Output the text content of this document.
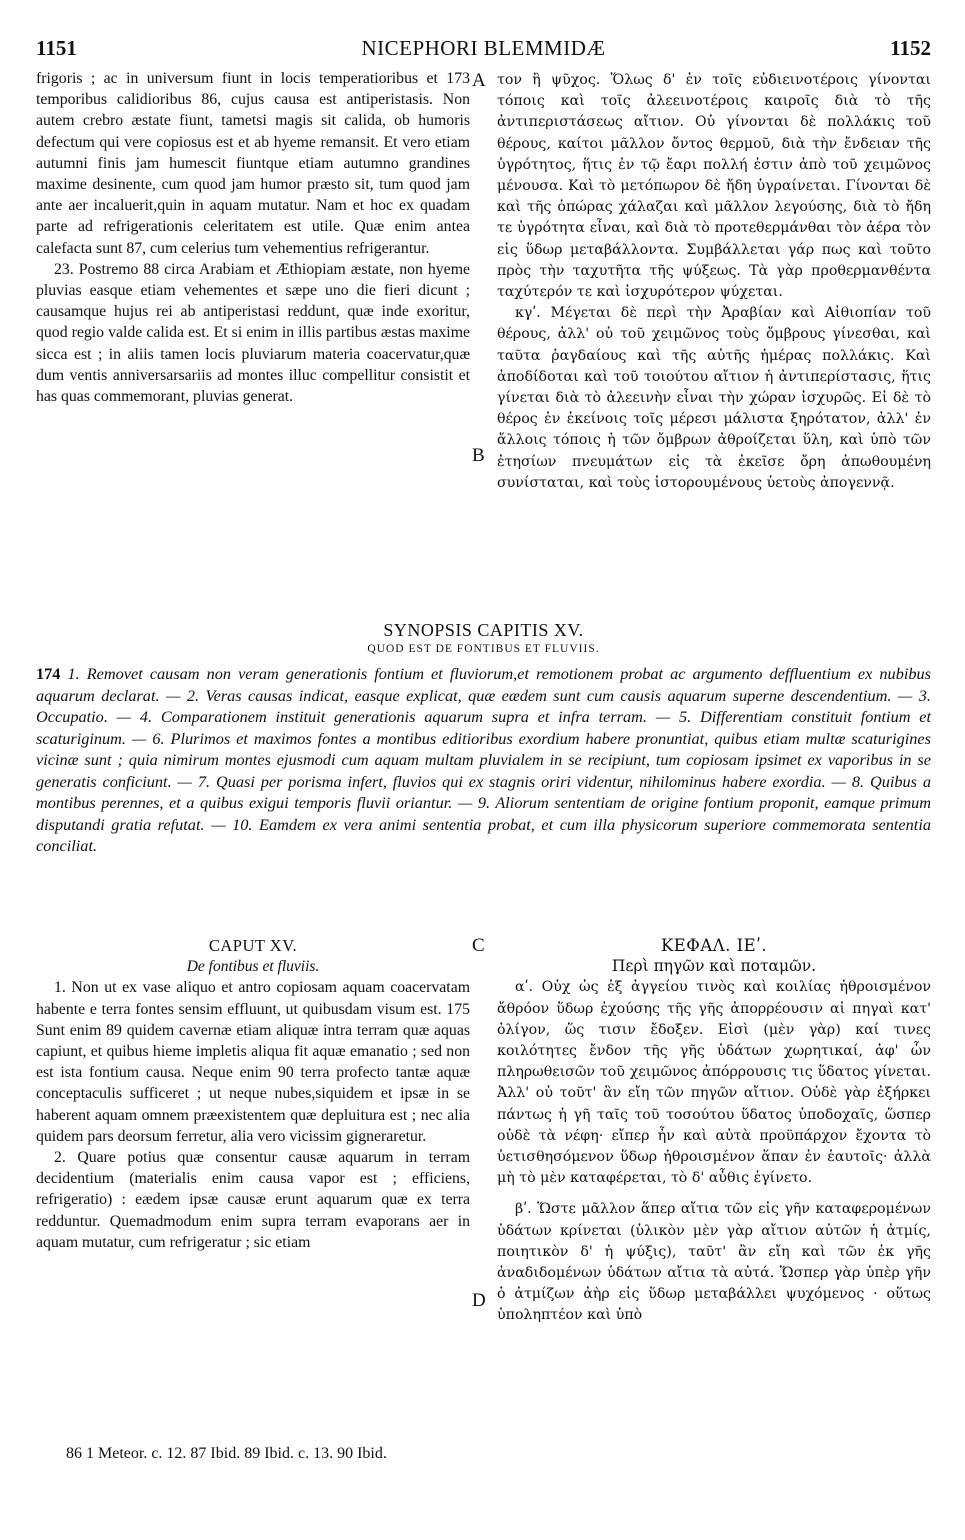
1151	NICEPHORI BLEMMIDÆ	1152

frigoris ; ac in universum fiunt in locis temperatioribus et 173 temporibus calidioribus 86, cujus causa est antiperistasis. Non autem crebro æstate fiunt, tametsi magis sit calida, ob humoris defectum qui vere copiosus est et ab hyeme remansit. Et vero etiam autumni finis jam humescit fiuntque etiam autumno grandines maxime desinente, cum quod jam humor præsto sit, tum quod jam ante aer incaluerit,quin in aquam mutatur. Nam et hoc ex quadam parte ad refrigerationis celeritatem est utile. Quæ enim antea calefacta sunt 87, cum celerius tum vehementius refrigerantur.

23. Postremo 88 circa Arabiam et Æthiopiam æstate, non hyeme pluvias easque etiam vehementes et sæpe uno die fieri dicunt ; causamque hujus rei ab antiperistasi reddunt, quæ inde exoritur, quod regio valde calida est. Et si enim in illis partibus æstas maxime sicca est ; in aliis tamen locis pluviarum materia coacervatur,quæ dum ventis anniversarsariis ad montes illuc compellitur consistit et has quas commemorant, pluvias generat.

τον ἢ ψῦχος. Ὅλως δ' ἐν τοῖς εὐδιεινοτέροις γίνονται τόποις καὶ τοῖς ἀλεεινοτέροις καιροῖς διὰ τὸ τῆς ἀντιπεριστάσεως αἴτιον. Οὐ γίνονται δὲ πολλάκις τοῦ θέρους, καίτοι μᾶλλον ὄντος θερμοῦ, διὰ τὴν ἔνδειαν τῆς ὑγρότητος, ἥτις ἐν τῷ ἔαρι πολλή ἐστιν ἀπὸ τοῦ χειμῶνος μένουσα. Καὶ τὸ μετόπωρον δὲ ἤδη ὑγραίνεται. Γίνονται δὲ καὶ τῆς ὀπώρας χάλαζαι καὶ μᾶλλον λεγούσης, διὰ τὸ ἤδη τε ὑγρότητα εἶναι, καὶ διὰ τὸ προτεθερμάνθαι τὸν ἀέρα τὸν εἰς ὕδωρ μεταβάλλοντα. Συμβάλλεται γάρ πως καὶ τοῦτο πρὸς τὴν ταχυτῆτα τῆς ψύξεως. Τὰ γὰρ προθερμανθέντα ταχύτερόν τε καὶ ἰσχυρότερον ψύχεται.

κγʹ. Μέγεται δὲ περὶ τὴν Ἀραβίαν καὶ Αἰθιοπίαν τοῦ θέρους, ἀλλ' οὐ τοῦ χειμῶνος τοὺς ὄμβρους γίνεσθαι, καὶ ταῦτα ῥαγδαίους καὶ τῆς αὐτῆς ἡμέρας πολλάκις. Καὶ ἀποδίδοται καὶ τοῦ τοιούτου αἴτιον ἡ ἀντιπερίστασις, ἥτις γίνεται διὰ τὸ ἀλεεινὴν εἶναι τὴν χώραν ἰσχυρῶς. Εἰ δὲ τὸ θέρος ἐν ἐκείνοις τοῖς μέρεσι μάλιστα ξηρότατον, ἀλλ' ἐν ἄλλοις τόποις ἡ τῶν ὄμβρων ἀθροίζεται ὕλη, καὶ ὑπὸ τῶν ἐτησίων πνευμάτων εἰς τὰ ἐκεῖσε ὄρη ἀπωθουμένη συνίσταται, καὶ τοὺς ἱστορουμένους ὑετοὺς ἀπογεννᾷ.

A
B
C
D
SYNOPSIS CAPITIS XV.
QUOD EST DE FONTIBUS ET FLUVIIS.
174 1. Removet causam non veram generationis fontium et fluviorum,et remotionem probat ac argumento deffluentium ex nubibus aquarum declarat. — 2. Veras causas indicat, easque explicat, quæ eædem sunt cum causis aquarum superne descendentium. — 3. Occupatio. — 4. Comparationem instituit generationis aquarum supra et infra terram. — 5. Differentiam constituit fontium et scaturiginum. — 6. Plurimos et maximos fontes a montibus editioribus exordium habere pronuntiat, quibus etiam multæ scaturigines vicinæ sunt ; quia nimirum montes ejusmodi cum aquam multam pluvialem in se recipiunt, tum copiosam ipsimet ex vaporibus in se generatis conficiunt. — 7. Quasi per porisma infert, fluvios qui ex stagnis oriri videntur, nihilominus habere exordia. — 8. Quibus a montibus perennes, et a quibus exigui temporis fluvii oriantur. — 9. Aliorum sententiam de origine fontium proponit, eamque primum disputandi gratia refutat. — 10. Eamdem ex vera animi sententia probat, et cum illa physicorum superiore commemorata sententia conciliat.
CAPUT XV.
De fontibus et fluviis.

1. Non ut ex vase aliquo et antro copiosam aquam coacervatam habente e terra fontes sensim effluunt, ut quibusdam visum est. 175 Sunt enim 89 quidem cavernæ etiam aliquæ intra terram quæ aquas capiunt, et quibus hieme impletis aliqua fit aquæ emanatio ; sed non est ista fontium causa. Neque enim 90 terra profecto tantæ aquæ conceptaculis sufficeret ; ut neque nubes,siquidem et ipsæ in se haberent aquam omnem præexistentem quæ depluitura est ; nec alia quidem pars deorsum ferretur, alia vero vicissim gigneraretur.

2. Quare potius quæ consentur causæ aquarum in terram decidentium (materialis enim causa vapor est ; efficiens, refrigeratio) : eædem ipsæ causæ erunt aquarum quæ ex terra redduntur. Quemadmodum enim supra terram evaporans aer in aquam mutatur, cum refrigeratur ; sic etiam

ΚΕΦΑΛ. ΙΕʹ.
Περὶ πηγῶν καὶ ποταμῶν.

αʹ. Οὐχ ὡς ἐξ ἀγγείου τινὸς καὶ κοιλίας ἠθροισμένον ἄθρόον ὕδωρ ἐχούσης τῆς γῆς ἀπορρέουσιν αἱ πηγαὶ κατ' ὀλίγον, ὥς τισιν ἔδοξεν. Εἰσὶ (μὲν γὰρ) καί τινες κοιλότητες ἔνδον τῆς γῆς ὑδάτων χωρητικαί, ἀφ' ὧν πληρωθεισῶν τοῦ χειμῶνος ἀπόρρουσις τις ὕδατος γίνεται. Ἀλλ' οὐ τοῦτ' ἂν εἴη τῶν πηγῶν αἴτιον. Οὐδὲ γὰρ ἐξήρκει πάντως ἡ γῆ ταῖς τοῦ τοσούτου ὕδατος ὑποδοχαῖς, ὥσπερ οὐδὲ τὰ νέφη· εἴπερ ἦν καὶ αὐτὰ προϋπάρχον ἔχοντα τὸ ὑετισθησόμενον ὕδωρ ἠθροισμένον ἅπαν ἐν ἑαυτοῖς· ἀλλὰ μὴ τὸ μὲν καταφέρεται, τὸ δ' αὖθις ἐγίνετο.

βʹ. Ὥστε μᾶλλον ἅπερ αἴτια τῶν εἰς γῆν καταφερομένων ὑδάτων κρίνεται (ὑλικὸν μὲν γὰρ αἴτιον αὐτῶν ἡ ἀτμίς, ποιητικὸν δ' ἡ ψύξις), ταῦτ' ἂν εἴη καὶ τῶν ἐκ γῆς ἀναδιδομένων ὑδάτων αἴτια τὰ αὐτά. Ὥσπερ γὰρ ὑπὲρ γῆν ὁ ἀτμίζων ἀὴρ εἰς ὕδωρ μεταβάλλει ψυχόμενος · οὕτως ὑποληπτέον καὶ ὑπὸ

86 1 Meteor. c. 12. 87 Ibid. 89 Ibid. c. 13. 90 Ibid.
